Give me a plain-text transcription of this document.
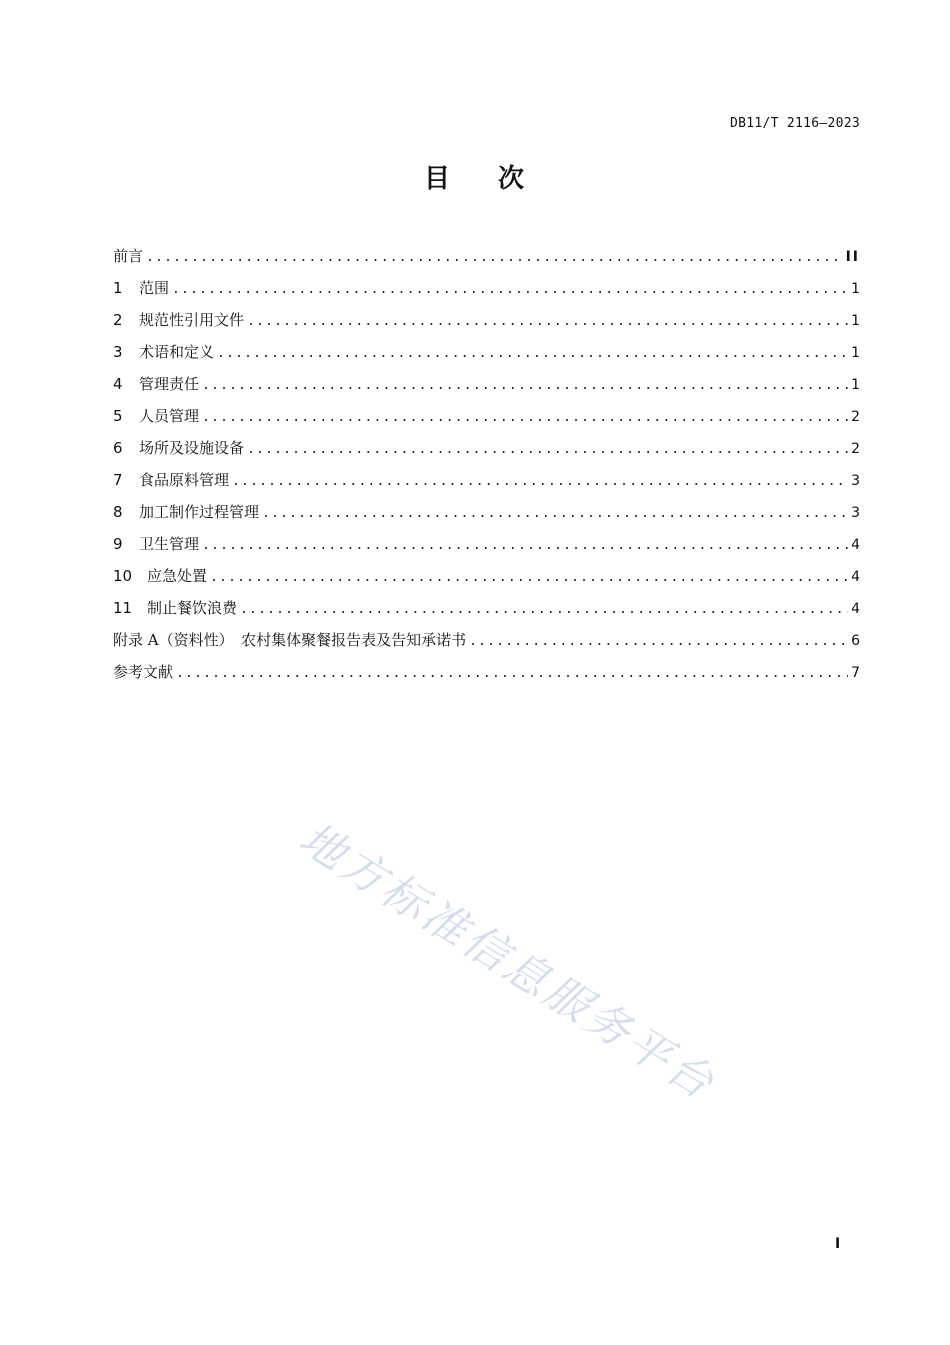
DB11/T 2116—2023
目 次
前言 .....	II
1 范围 .....	1
2 规范性引用文件 .....	1
3 术语和定义 .....	1
4 管理责任 .....	1
5 人员管理 .....	2
6 场所及设施设备 .....	2
7 食品原料管理 .....	3
8 加工制作过程管理 .....	3
9 卫生管理 .....	4
10 应急处置 .....	4
11 制止餐饮浪费 .....	4
附录 A（资料性）　农村集体聚餐报告表及告知承诺书 .....	6
参考文献 .....	7
地方标准信息服务平台
I
